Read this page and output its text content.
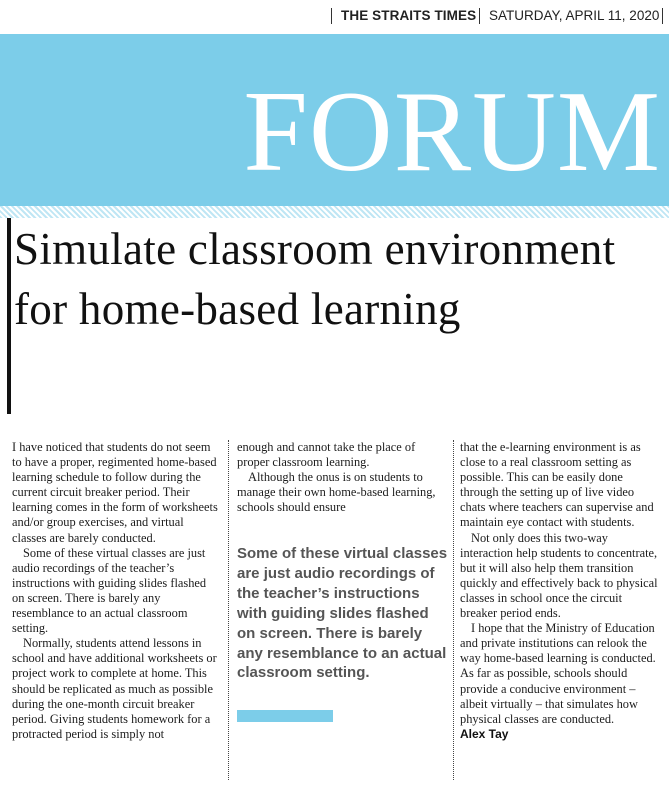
THE STRAITS TIMES SATURDAY, APRIL 11, 2020
FORUM
Simulate classroom environment for home-based learning

I have noticed that students do not seem to have a proper, regimented home-based learning schedule to follow during the current circuit breaker period. Their learning comes in the form of worksheets and/or group exercises, and virtual classes are barely conducted.

Some of these virtual classes are just audio recordings of the teacher’s instructions with guiding slides flashed on screen. There is barely any resemblance to an actual classroom setting.

Normally, students attend lessons in school and have additional worksheets or project work to complete at home. This should be replicated as much as possible during the one-month circuit breaker period. Giving students homework for a protracted period is simply not

enough and cannot take the place of proper classroom learning.

Although the onus is on students to manage their own home-based learning, schools should ensure

Some of these virtual classes are just audio recordings of the teacher’s instructions with guiding slides flashed on screen. There is barely any resemblance to an actual classroom setting.

that the e-learning environment is as close to a real classroom setting as possible. This can be easily done through the setting up of live video chats where teachers can supervise and maintain eye contact with students.

Not only does this two-way interaction help students to concentrate, but it will also help them transition quickly and effectively back to physical classes in school once the circuit breaker period ends.

I hope that the Ministry of Education and private institutions can relook the way home-based learning is conducted. As far as possible, schools should provide a conducive environment – albeit virtually – that simulates how physical classes are conducted.

Alex Tay
